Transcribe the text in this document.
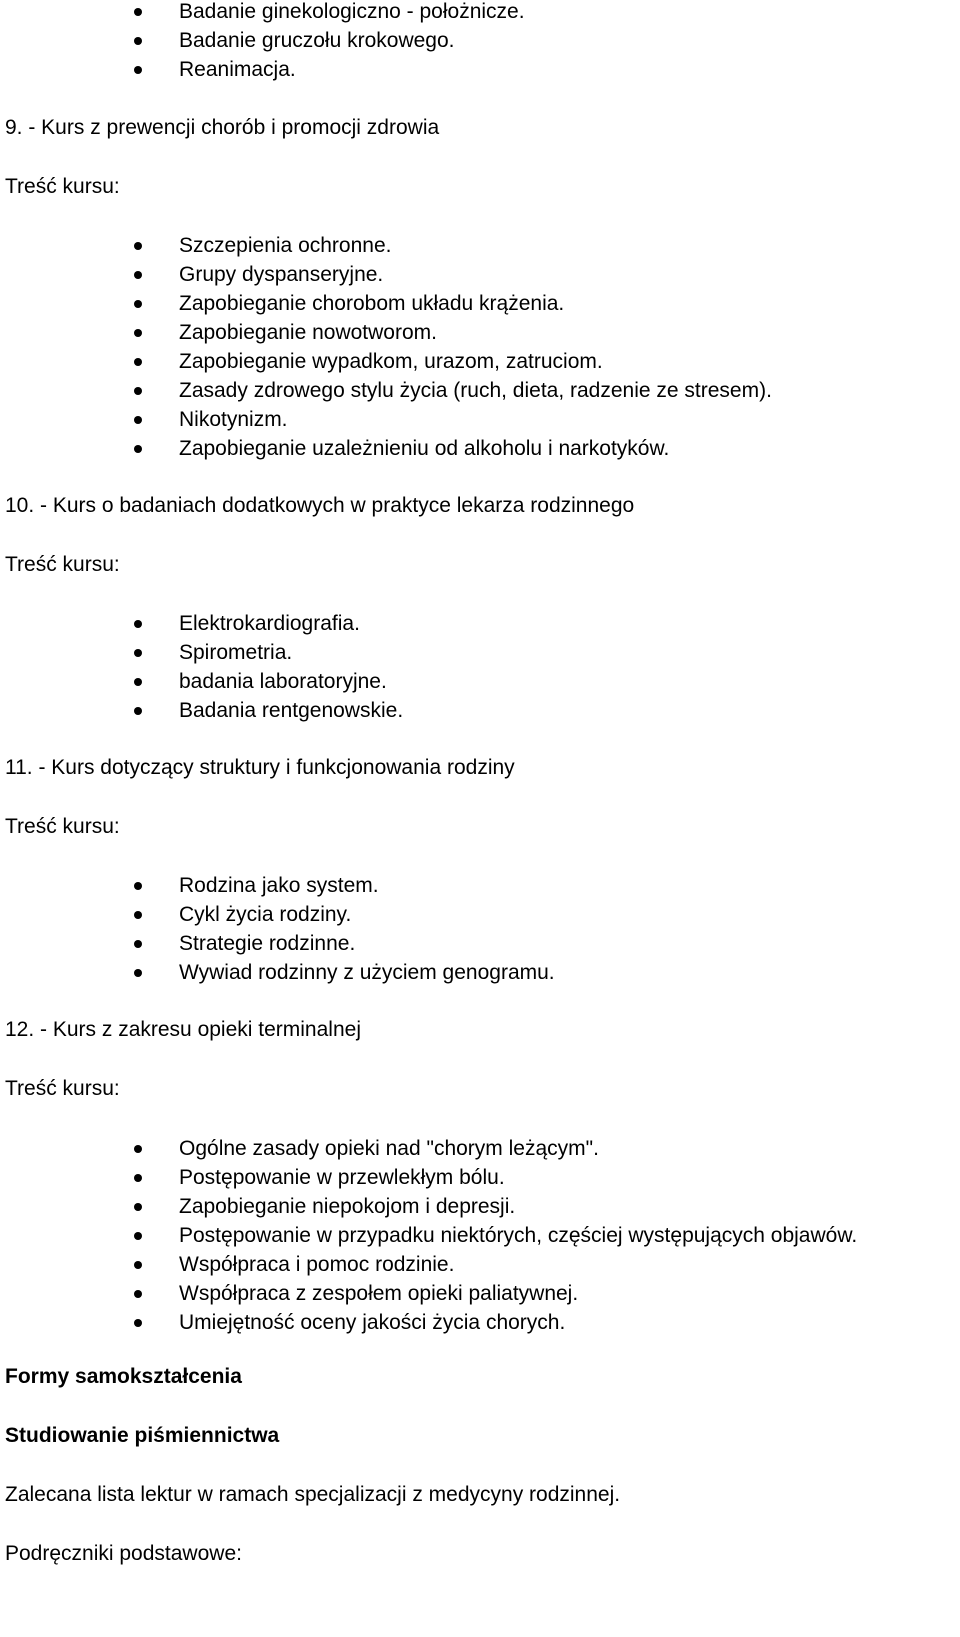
Badanie ginekologiczno - położnicze.
Badanie gruczołu krokowego.
Reanimacja.
9. - Kurs z prewencji chorób i promocji zdrowia
Treść kursu:
Szczepienia ochronne.
Grupy dyspanseryjne.
Zapobieganie chorobom układu krążenia.
Zapobieganie nowotworom.
Zapobieganie wypadkom, urazom, zatruciom.
Zasady zdrowego stylu życia (ruch, dieta, radzenie ze stresem).
Nikotynizm.
Zapobieganie uzależnieniu od alkoholu i narkotyków.
10. - Kurs o badaniach dodatkowych w praktyce lekarza rodzinnego
Treść kursu:
Elektrokardiografia.
Spirometria.
badania laboratoryjne.
Badania rentgenowskie.
11. - Kurs dotyczący struktury i funkcjonowania rodziny
Treść kursu:
Rodzina jako system.
Cykl życia rodziny.
Strategie rodzinne.
Wywiad rodzinny z użyciem genogramu.
12. - Kurs z zakresu opieki terminalnej
Treść kursu:
Ogólne zasady opieki nad "chorym leżącym".
Postępowanie w przewlekłym bólu.
Zapobieganie niepokojom i depresji.
Postępowanie w przypadku niektórych, częściej występujących objawów.
Współpraca i pomoc rodzinie.
Współpraca z zespołem opieki paliatywnej.
Umiejętność oceny jakości życia chorych.
Formy samokształcenia
Studiowanie piśmiennictwa
Zalecana lista lektur w ramach specjalizacji z medycyny rodzinnej.
Podręczniki podstawowe:
